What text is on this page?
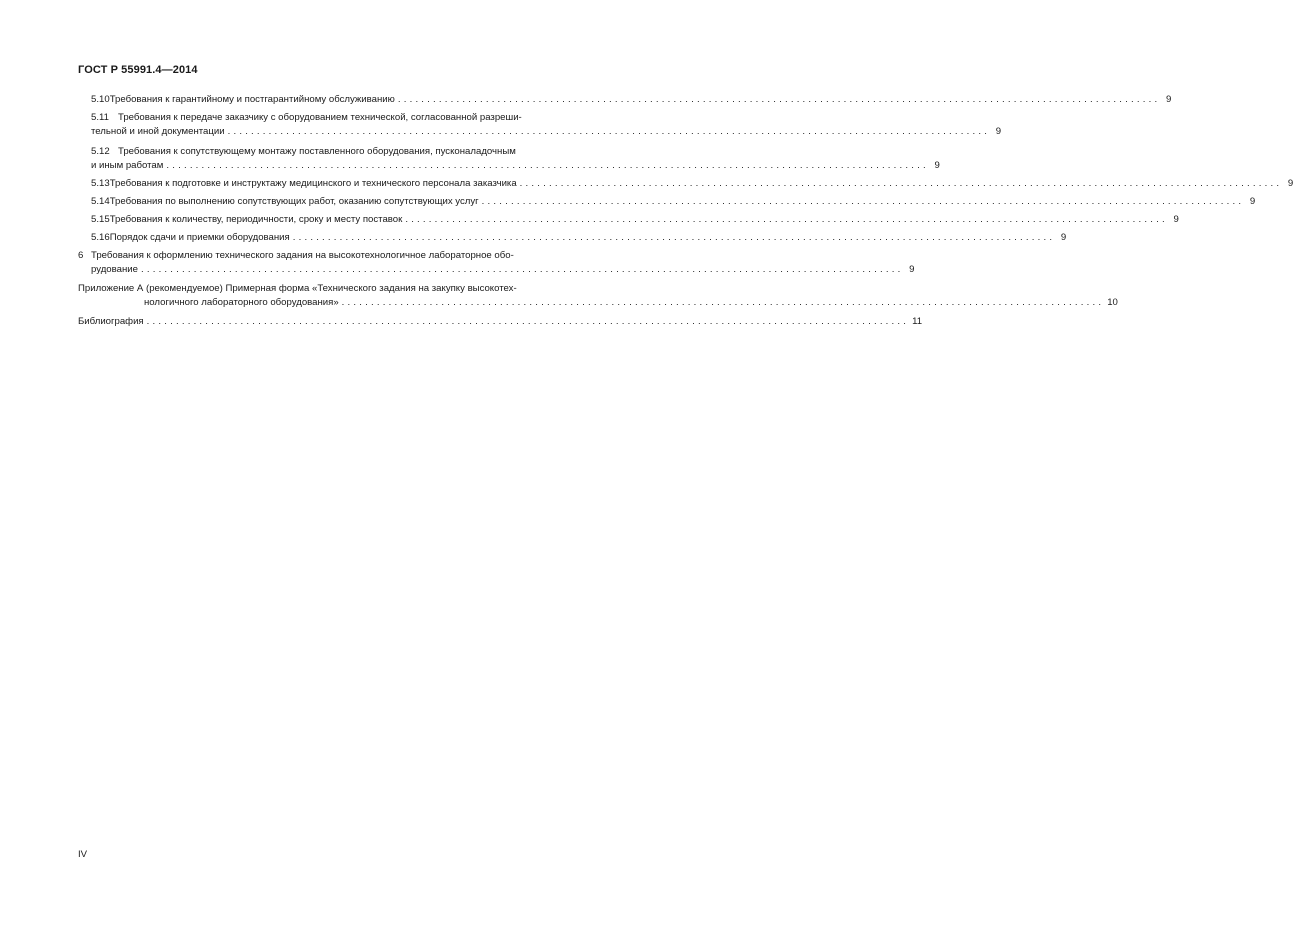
ГОСТ Р 55991.4—2014
5.10 Требования к гарантийному и постгарантийному обслуживанию .................................................................................................................................. 9
5.11 Требования к передаче заказчику с оборудованием технической, согласованной разреши-
тельной и иной документации .................................................................................................................................. 9
5.12 Требования к сопутствующему монтажу поставленного оборудования, пусконаладочным
и иным работам .................................................................................................................................. 9
5.13 Требования к подготовке и инструктажу медицинского и технического персонала заказчика .................................................................................................................................. 9
5.14 Требования по выполнению сопутствующих работ, оказанию сопутствующих услуг .................................................................................................................................. 9
5.15 Требования к количеству, периодичности, сроку и месту поставок .................................................................................................................................. 9
5.16 Порядок сдачи и приемки оборудования .................................................................................................................................. 9
6 Требования к оформлению технического задания на высокотехнологичное лабораторное обо-
рудование .................................................................................................................................. 9
Приложение А (рекомендуемое) Примерная форма «Технического задания на закупку высокотех-
нологичного лабораторного оборудования» .................................................................................................................................. 10
Библиография .................................................................................................................................. 11
IV
